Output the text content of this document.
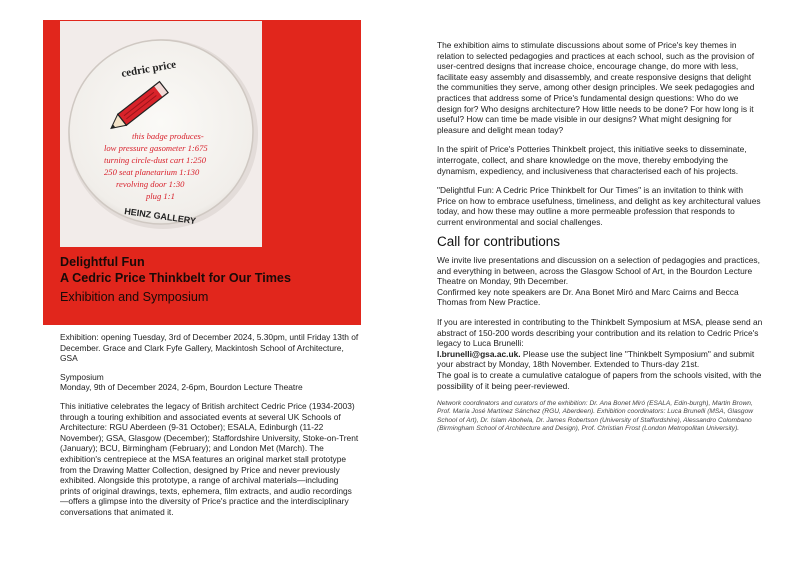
cedric price
this badge produces-
low pressure gasometer 1:675
turning circle-dust cart 1:250
250 seat planetarium 1:130
revolving door 1:30
plug 1:1
HEINZ GALLERY
Delightful Fun
A Cedric Price Thinkbelt for Our Times
Exhibition and Symposium

Exhibition: opening Tuesday, 3rd of December 2024, 5.30pm, until Friday 13th of December. Grace and Clark Fyfe Gallery, Mackintosh School of Architecture, GSA

Symposium

Monday, 9th of December 2024, 2-6pm, Bourdon Lecture Theatre

This initiative celebrates the legacy of British architect Cedric Price (1934-2003) through a touring exhibition and associated events at several UK Schools of Architecture: RGU Aberdeen (9-31 October); ESALA, Edinburgh (11-22 November); GSA, Glasgow (December); Staffordshire University, Stoke-on-Trent (January); BCU, Birmingham (February); and London Met (March). The exhibition's centrepiece at the MSA features an original market stall prototype from the Drawing Matter Collection, designed by Price and never previously exhibited. Alongside this prototype, a range of archival materials—including prints of original drawings, texts, ephemera, film extracts, and audio recordings—offers a glimpse into the diversity of Price's practice and the interdisciplinary conversations that animated it.

The exhibition aims to stimulate discussions about some of Price's key themes in relation to selected pedagogies and practices at each school, such as the provision of user-centred designs that increase choice, encourage change, do more with less, facilitate easy assembly and disassembly, and create responsive designs that delight the communities they serve, among other design principles. We seek pedagogies and practices that address some of Price's fundamental design questions: Who do we design for? Who designs architecture? How little needs to be done? For how long is it useful? How can time be made visible in our designs? What might designing for pleasure and delight mean today?

In the spirit of Price's Potteries Thinkbelt project, this initiative seeks to disseminate, interrogate, collect, and share knowledge on the move, thereby embodying the dynamism, expediency, and inclusiveness that characterised each of his projects.

"Delightful Fun: A Cedric Price Thinkbelt for Our Times" is an invitation to think with Price on how to embrace usefulness, timeliness, and delight as key architectural values today, and how these may outline a more permeable profession that responds to current environmental and social challenges.

Call for contributions

We invite live presentations and discussion on a selection of pedagogies and practices, and everything in between, across the Glasgow School of Art, in the Bourdon Lecture Theatre on Monday, 9th December.

Confirmed key note speakers are Dr. Ana Bonet Miró and Marc Cairns and Becca Thomas from New Practice.

If you are interested in contributing to the Thinkbelt Symposium at MSA, please send an abstract of 150-200 words describing your contribution and its relation to Cedric Price's legacy to Luca Brunelli:
l.brunelli@gsa.ac.uk. Please use the subject line "Thinkbelt Symposium" and submit your abstract by Monday, 18th November. Extended to Thurs-day 21st.

The goal is to create a cumulative catalogue of papers from the schools visited, with the possibility of it being peer-reviewed.

Network coordinators and curators of the exhibition: Dr. Ana Bonet Miró (ESALA, Edin-burgh), Martin Brown, Prof. María José Martínez Sánchez (RGU, Aberdeen). Exhibition coordinators: Luca Brunelli (MSA, Glasgow School of Art), Dr. Islam Abohela, Dr. James Robertson (University of Staffordshire), Alessandro Colombano (Birmingham School of Architecture and Design), Prof. Christian Frost (London Metropolitan University).
